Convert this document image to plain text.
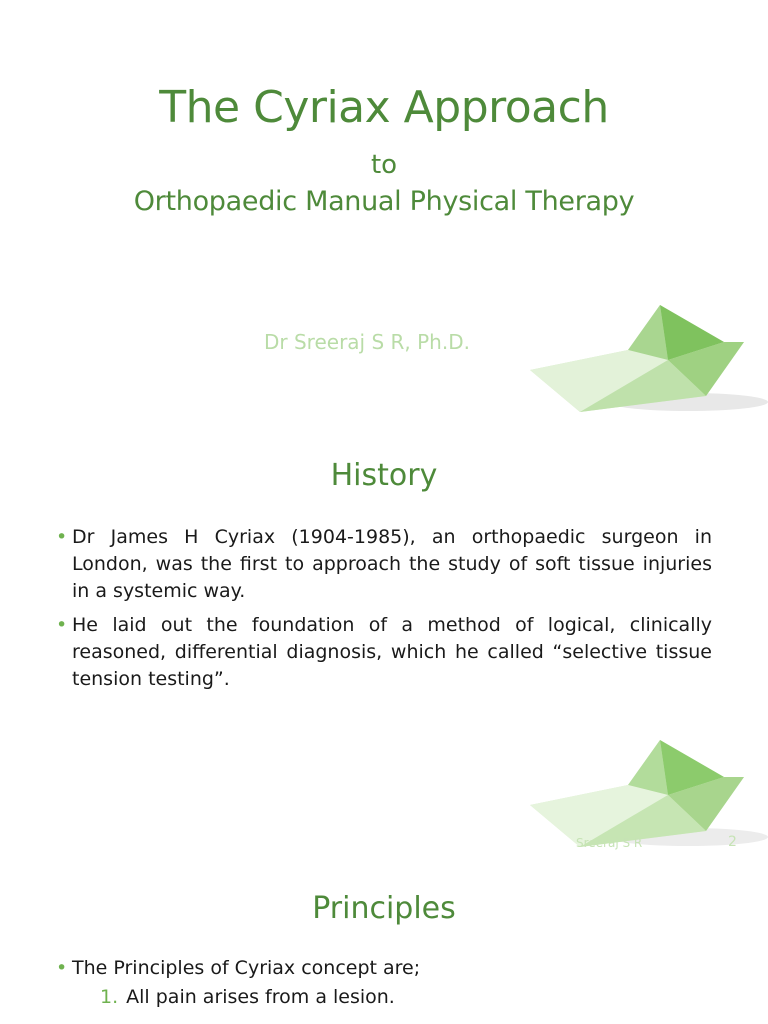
The Cyriax Approach
to
Orthopaedic Manual Physical Therapy
Dr Sreeraj S R, Ph.D.
History
• Dr James H Cyriax (1904-1985), an orthopaedic surgeon in London, was the first to approach the study of soft tissue injuries in a systemic way.
• He laid out the foundation of a method of logical, clinically reasoned, differential diagnosis, which he called “selective tissue tension testing”.
Sreeraj S R	2
Principles
• The Principles of Cyriax concept are;
1. All pain arises from a lesion.
